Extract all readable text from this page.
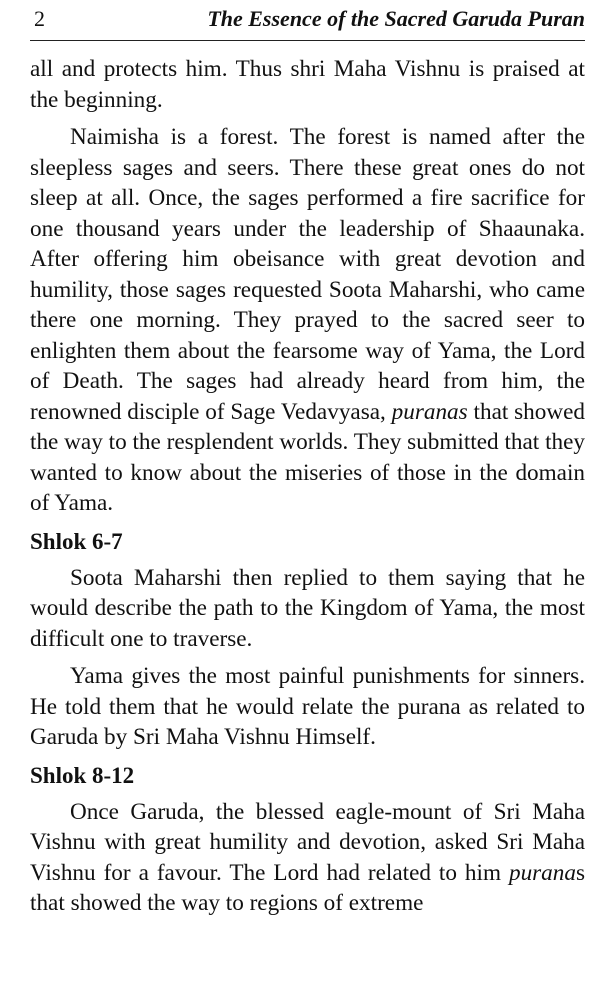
2	The Essence of the Sacred Garuda Puran

all and protects him. Thus shri Maha Vishnu is praised at the beginning.

Naimisha is a forest. The forest is named after the sleepless sages and seers. There these great ones do not sleep at all. Once, the sages performed a fire sacrifice for one thousand years under the leadership of Shaaunaka. After offering him obeisance with great devotion and humility, those sages requested Soota Maharshi, who came there one morning. They prayed to the sacred seer to enlighten them about the fearsome way of Yama, the Lord of Death. The sages had already heard from him, the renowned disciple of Sage Vedavyasa, puranas that showed the way to the resplendent worlds. They submitted that they wanted to know about the miseries of those in the domain of Yama.

Shlok 6-7

Soota Maharshi then replied to them saying that he would describe the path to the Kingdom of Yama, the most difficult one to traverse.

Yama gives the most painful punishments for sinners. He told them that he would relate the purana as related to Garuda by Sri Maha Vishnu Himself.

Shlok 8-12

Once Garuda, the blessed eagle-mount of Sri Maha Vishnu with great humility and devotion, asked Sri Maha Vishnu for a favour. The Lord had related to him puranas that showed the way to regions of extreme
